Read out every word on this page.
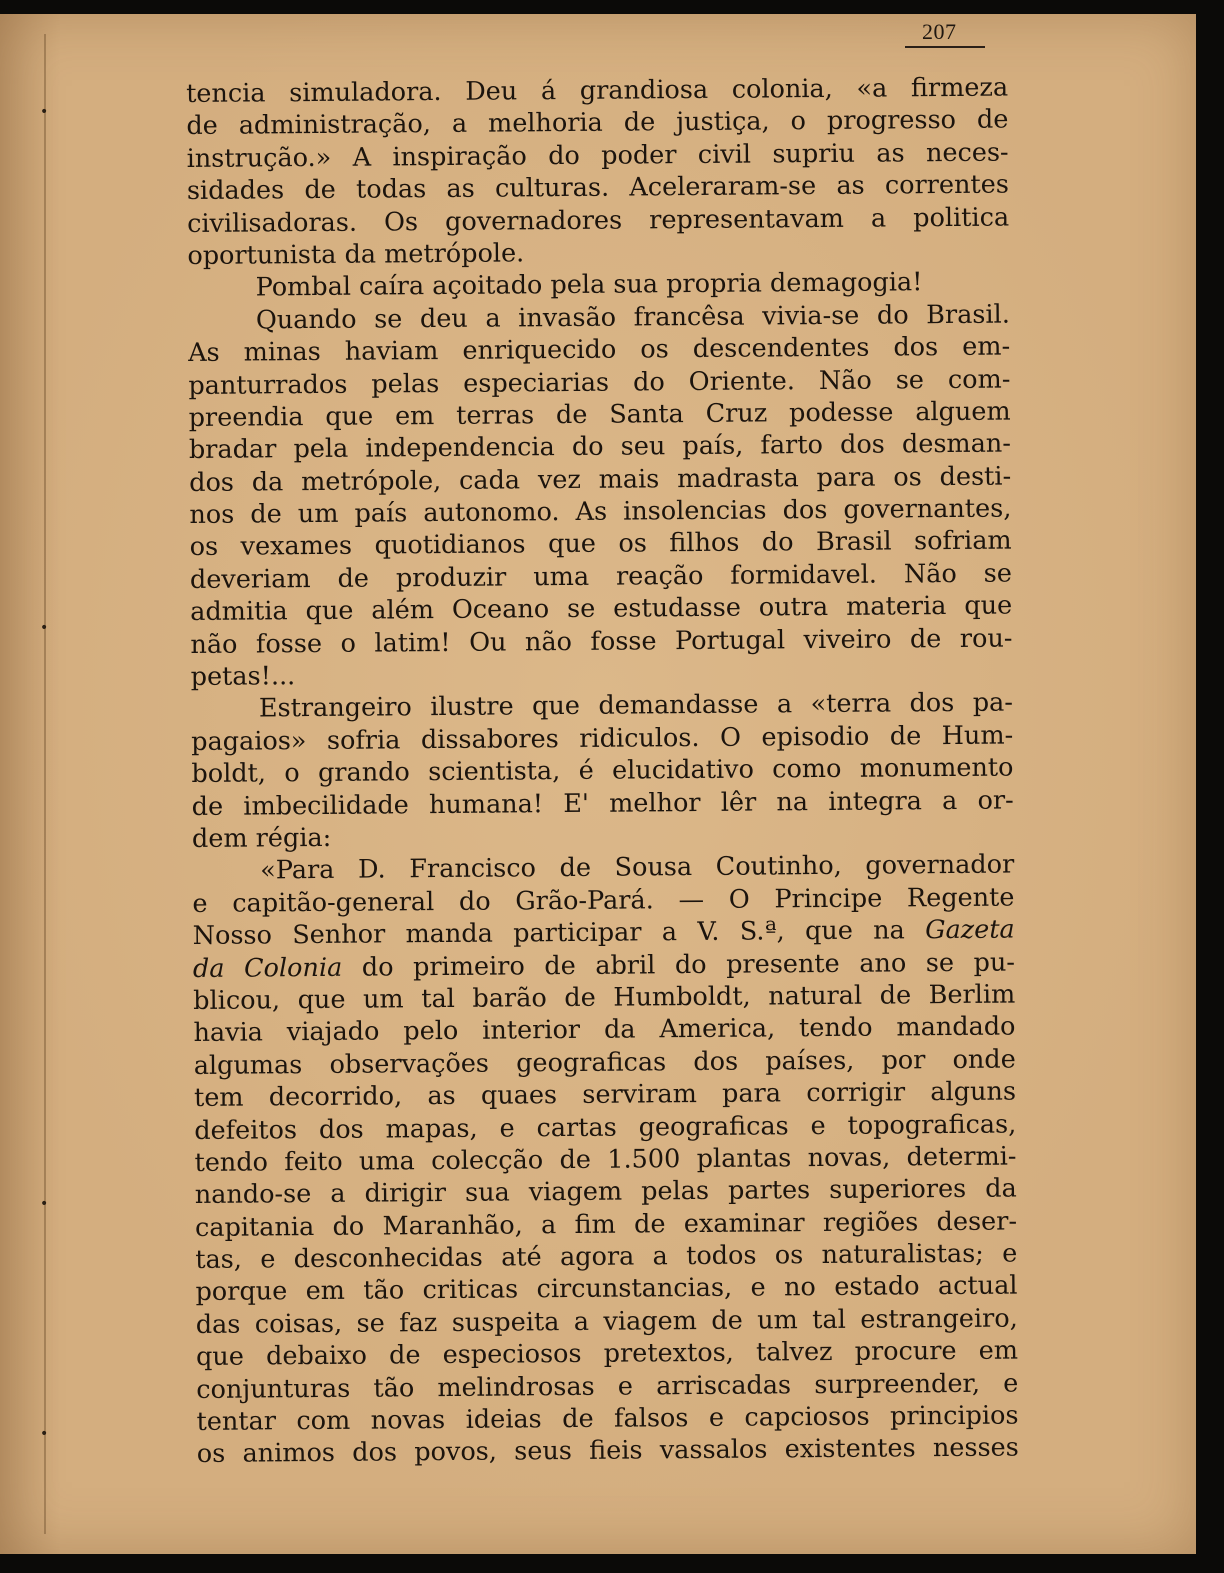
•
•
•
•
207
tencia simuladora. Deu á grandiosa colonia, «a firmeza
de administração, a melhoria de justiça, o progresso de
instrução.» A inspiração do poder civil supriu as neces-
sidades de todas as culturas. Aceleraram-se as correntes
civilisadoras. Os governadores representavam a politica
oportunista da metrópole.
Pombal caíra açoitado pela sua propria demagogia!
Quando se deu a invasão francêsa vivia-se do Brasil.
As minas haviam enriquecido os descendentes dos em-
panturrados pelas especiarias do Oriente. Não se com-
preendia que em terras de Santa Cruz podesse alguem
bradar pela independencia do seu país, farto dos desman-
dos da metrópole, cada vez mais madrasta para os desti-
nos de um país autonomo. As insolencias dos governantes,
os vexames quotidianos que os filhos do Brasil sofriam
deveriam de produzir uma reação formidavel. Não se
admitia que além Oceano se estudasse outra materia que
não fosse o latim! Ou não fosse Portugal viveiro de rou-
petas!...
Estrangeiro ilustre que demandasse a «terra dos pa-
pagaios» sofria dissabores ridiculos. O episodio de Hum-
boldt, o grando scientista, é elucidativo como monumento
de imbecilidade humana! E' melhor lêr na integra a or-
dem régia:
«Para D. Francisco de Sousa Coutinho, governador
e capitão-general do Grão-Pará. — O Principe Regente
Nosso Senhor manda participar a V. S.ª, que na Gazeta
da Colonia do primeiro de abril do presente ano se pu-
blicou, que um tal barão de Humboldt, natural de Berlim
havia viajado pelo interior da America, tendo mandado
algumas observações geograficas dos países, por onde
tem decorrido, as quaes serviram para corrigir alguns
defeitos dos mapas, e cartas geograficas e topograficas,
tendo feito uma colecção de 1.500 plantas novas, determi-
nando-se a dirigir sua viagem pelas partes superiores da
capitania do Maranhão, a fim de examinar regiões deser-
tas, e desconhecidas até agora a todos os naturalistas; e
porque em tão criticas circunstancias, e no estado actual
das coisas, se faz suspeita a viagem de um tal estrangeiro,
que debaixo de especiosos pretextos, talvez procure em
conjunturas tão melindrosas e arriscadas surpreender, e
tentar com novas ideias de falsos e capciosos principios
os animos dos povos, seus fieis vassalos existentes nesses
